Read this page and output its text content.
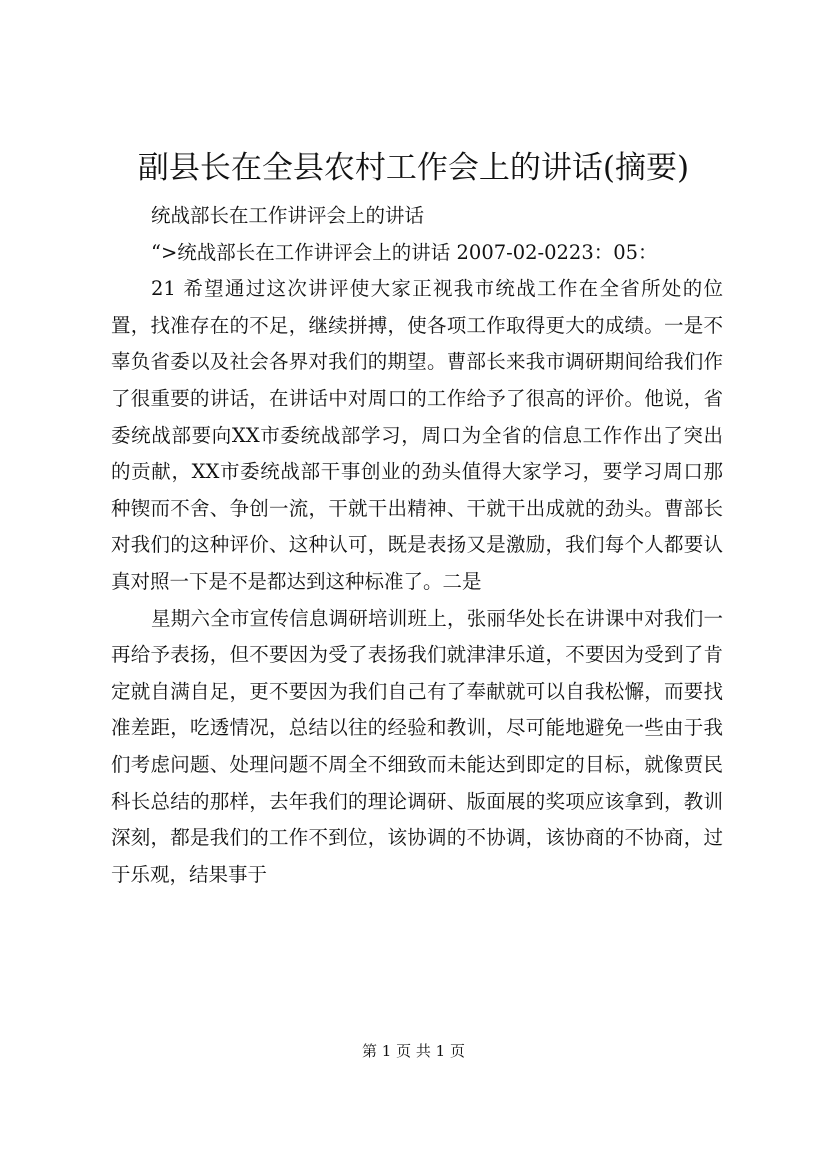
副县长在全县农村工作会上的讲话(摘要)

统战部长在工作讲评会上的讲话

“>统战部长在工作讲评会上的讲话 2007-02-0223：05：

21 希望通过这次讲评使大家正视我市统战工作在全省所处的位置，找准存在的不足，继续拼搏，使各项工作取得更大的成绩。一是不辜负省委以及社会各界对我们的期望。曹部长来我市调研期间给我们作了很重要的讲话，在讲话中对周口的工作给予了很高的评价。他说，省委统战部要向XX市委统战部学习，周口为全省的信息工作作出了突出的贡献，XX市委统战部干事创业的劲头值得大家学习，要学习周口那种锲而不舍、争创一流，干就干出精神、干就干出成就的劲头。曹部长对我们的这种评价、这种认可，既是表扬又是激励，我们每个人都要认真对照一下是不是都达到这种标准了。二是

星期六全市宣传信息调研培训班上，张丽华处长在讲课中对我们一再给予表扬，但不要因为受了表扬我们就津津乐道，不要因为受到了肯定就自满自足，更不要因为我们自己有了奉献就可以自我松懈，而要找准差距，吃透情况，总结以往的经验和教训，尽可能地避免一些由于我们考虑问题、处理问题不周全不细致而未能达到即定的目标，就像贾民科长总结的那样，去年我们的理论调研、版面展的奖项应该拿到，教训深刻，都是我们的工作不到位，该协调的不协调，该协商的不协商，过于乐观，结果事于

第 1 页 共 1 页
